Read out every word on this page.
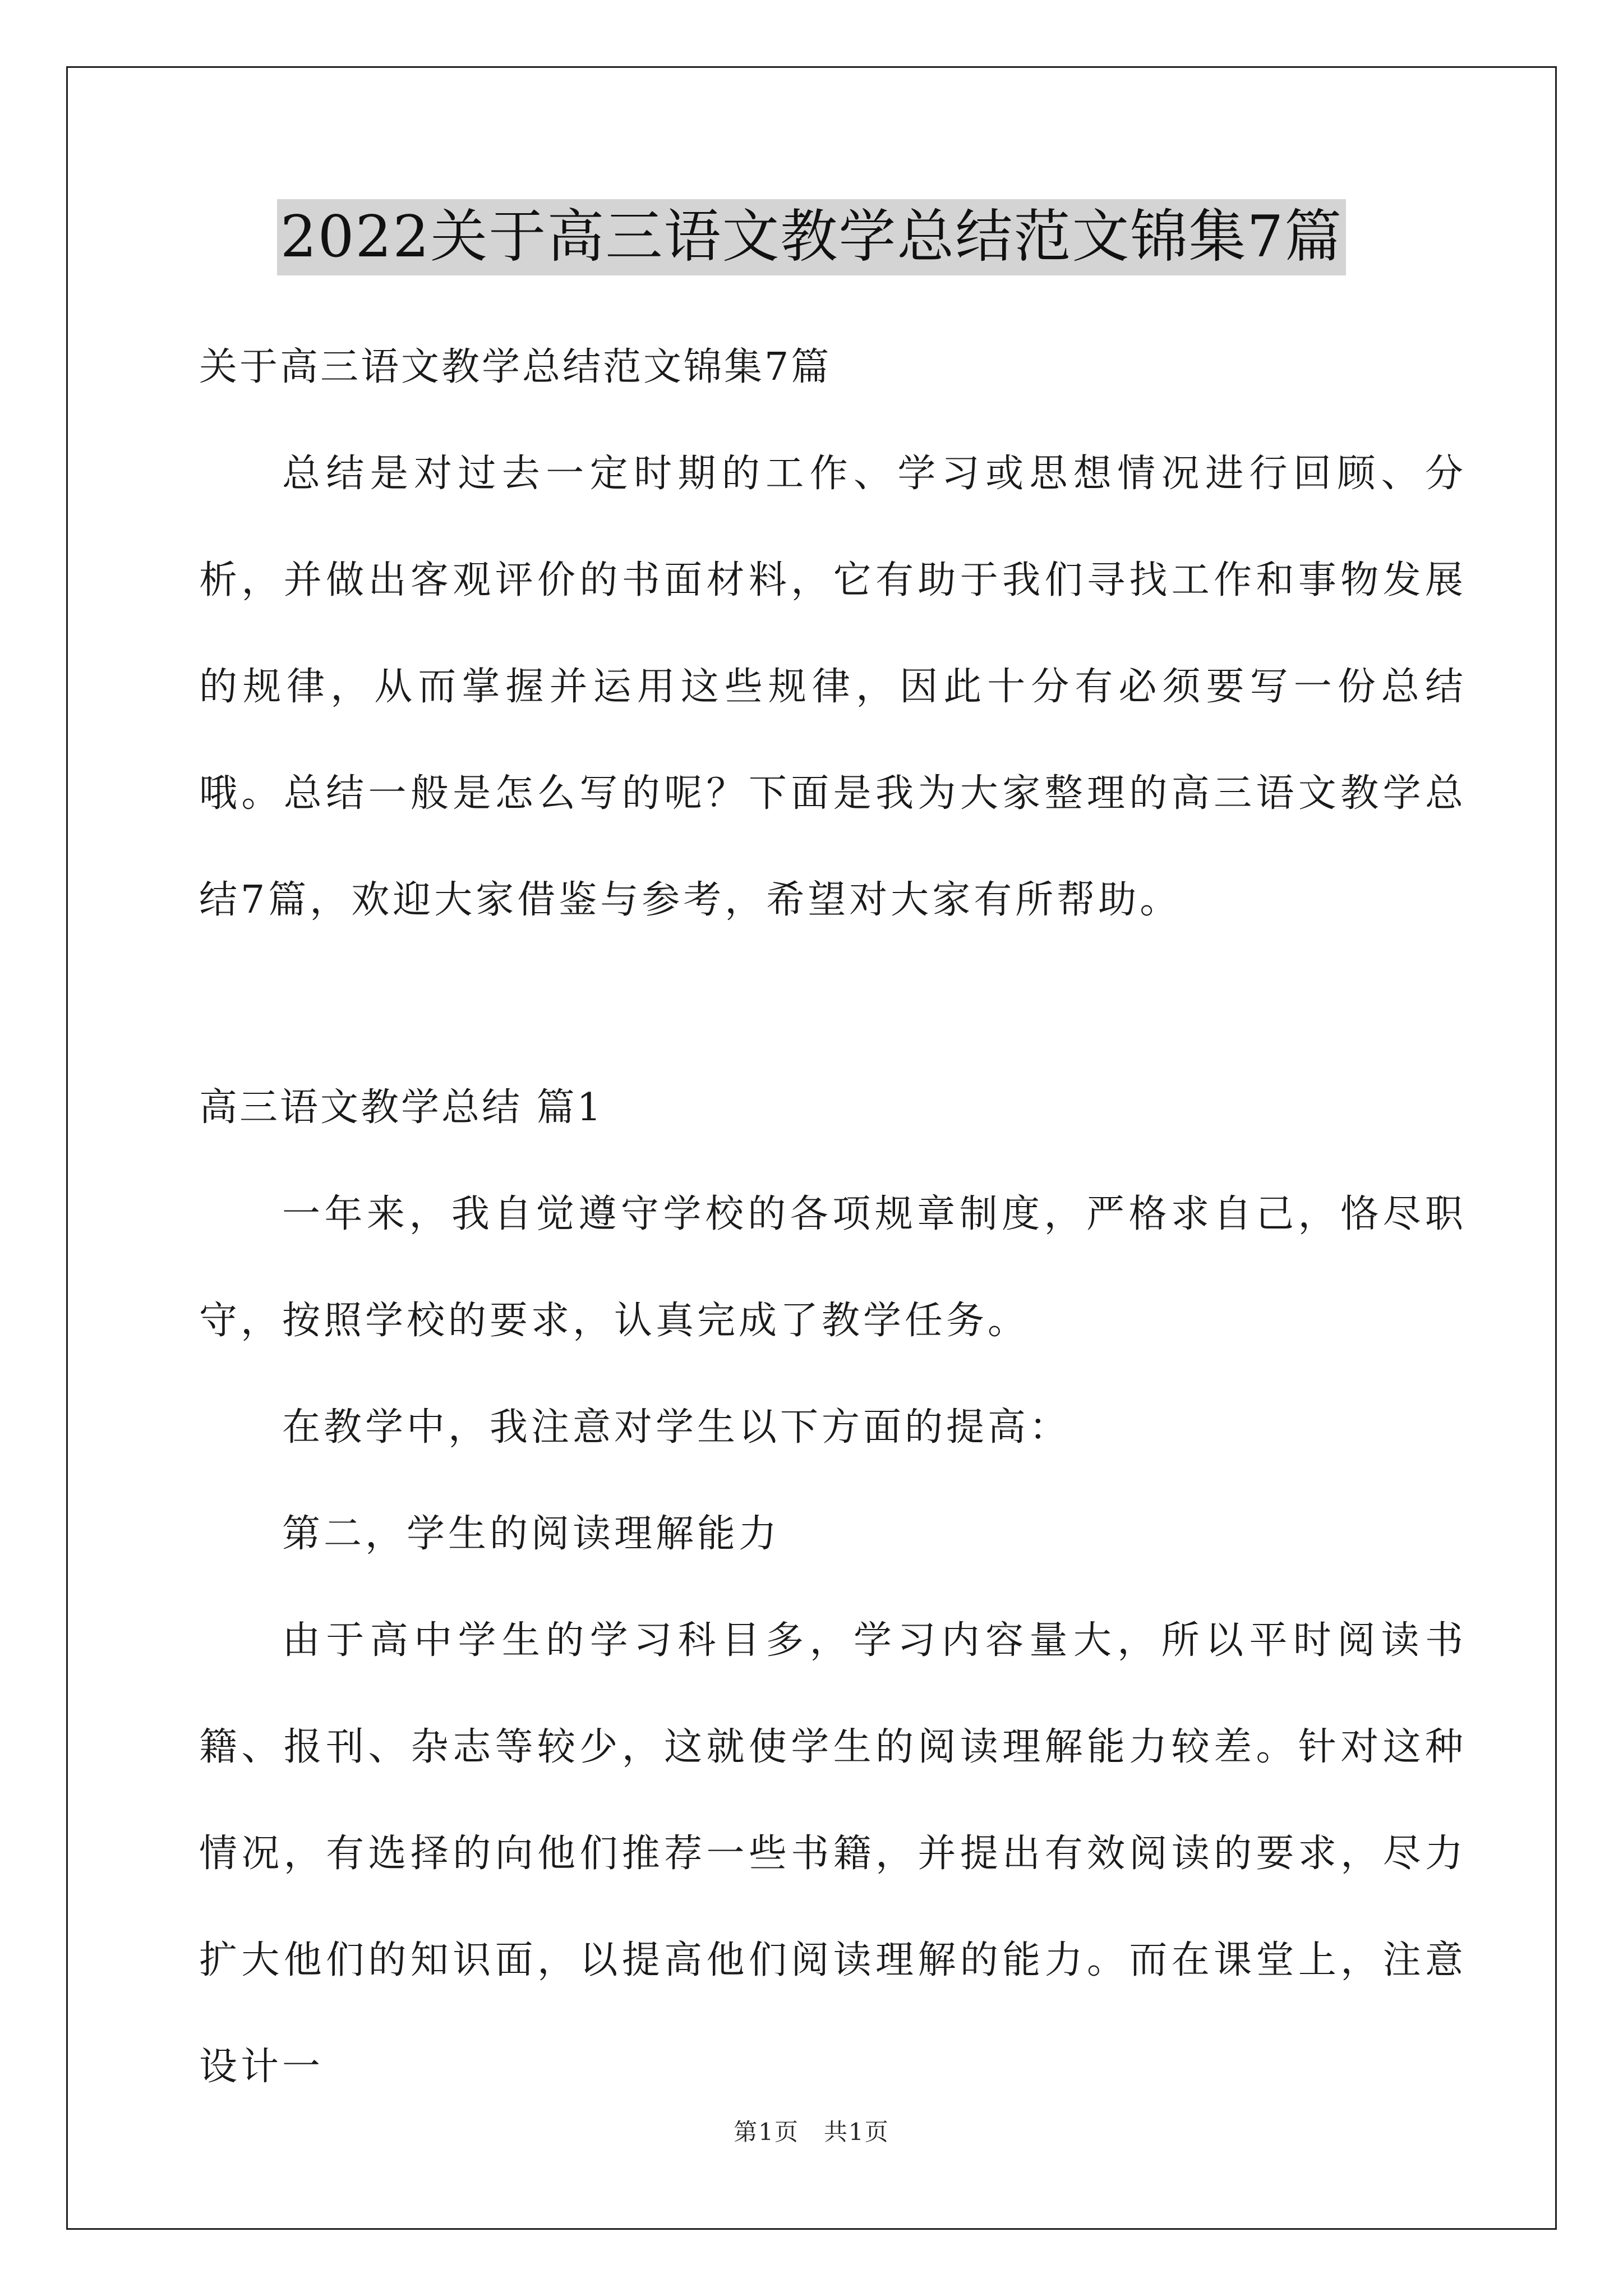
2022关于高三语文教学总结范文锦集7篇
关于高三语文教学总结范文锦集7篇

总结是对过去一定时期的工作、学习或思想情况进行回顾、分析，并做出客观评价的书面材料，它有助于我们寻找工作和事物发展的规律，从而掌握并运用这些规律，因此十分有必须要写一份总结哦。总结一般是怎么写的呢？下面是我为大家整理的高三语文教学总结7篇，欢迎大家借鉴与参考，希望对大家有所帮助。

高三语文教学总结 篇1

一年来，我自觉遵守学校的各项规章制度，严格求自己，恪尽职守，按照学校的要求，认真完成了教学任务。

在教学中，我注意对学生以下方面的提高：

第二，学生的阅读理解能力

由于高中学生的学习科目多，学习内容量大，所以平时阅读书籍、报刊、杂志等较少，这就使学生的阅读理解能力较差。针对这种情况，有选择的向他们推荐一些书籍，并提出有效阅读的要求，尽力扩大他们的知识面，以提高他们阅读理解的能力。而在课堂上，注意设计一

第1页　共1页
